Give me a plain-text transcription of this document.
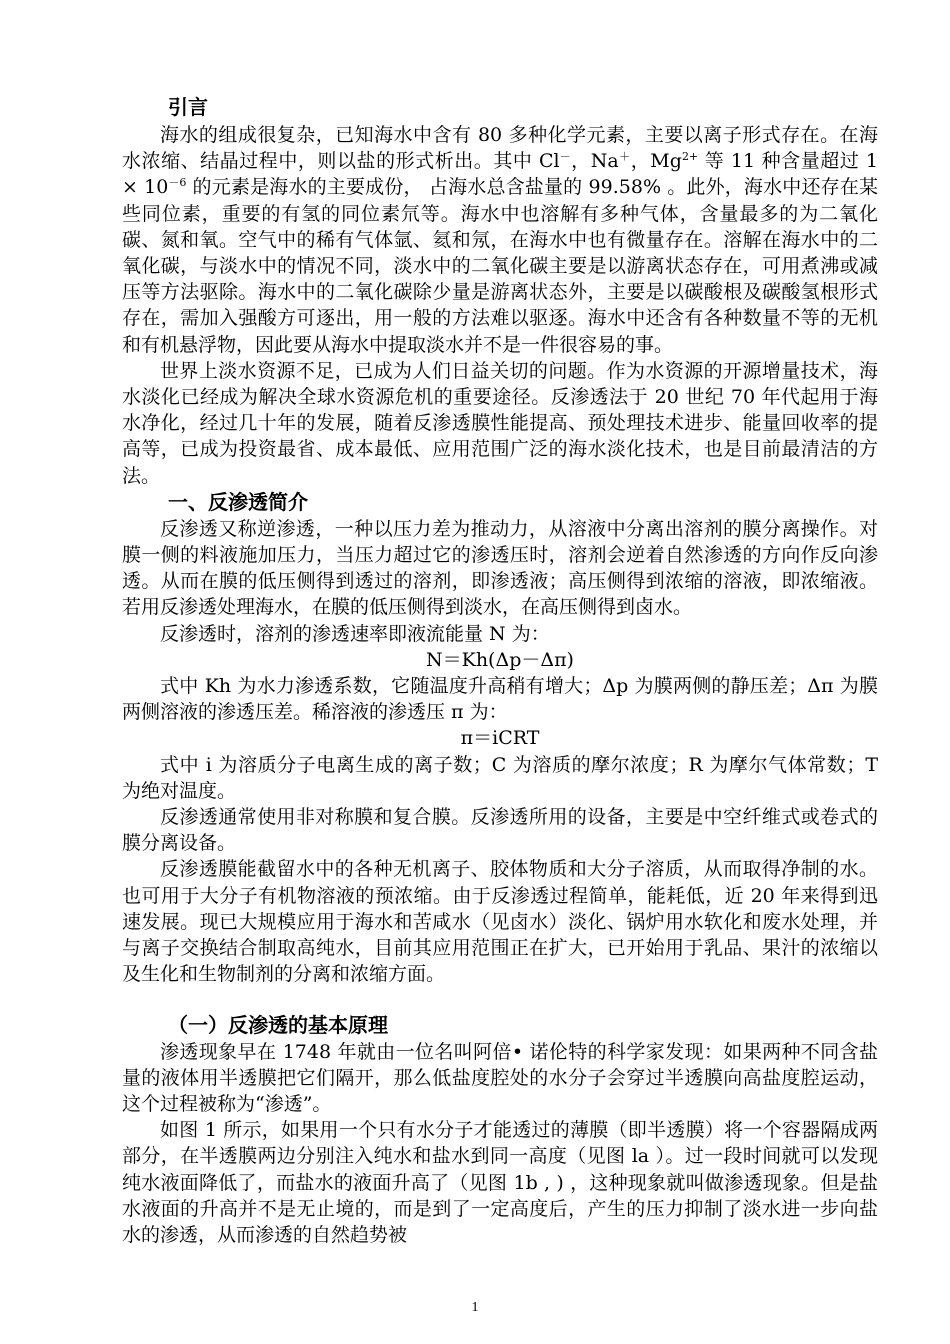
引言

海水的组成很复杂，已知海水中含有 80 多种化学元素，主要以离子形式存在。在海水浓缩、结晶过程中，则以盐的形式析出。其中 Cl－，Na＋，$Mg^{2+}$ 等 11 种含量超过 $1 \times 10^{-6}$ 的元素是海水的主要成份， 占海水总含盐量的 99.58% 。此外，海水中还存在某些同位素，重要的有氢的同位素氘等。海水中也溶解有多种气体，含量最多的为二氧化碳、氮和氧。空气中的稀有气体氩、氦和氖，在海水中也有微量存在。溶解在海水中的二氧化碳，与淡水中的情况不同，淡水中的二氧化碳主要是以游离状态存在，可用煮沸或减压等方法驱除。海水中的二氧化碳除少量是游离状态外，主要是以碳酸根及碳酸氢根形式存在，需加入强酸方可逐出，用一般的方法难以驱逐。海水中还含有各种数量不等的无机和有机悬浮物，因此要从海水中提取淡水并不是一件很容易的事。

世界上淡水资源不足，已成为人们日益关切的问题。作为水资源的开源增量技术，海水淡化已经成为解决全球水资源危机的重要途径。反渗透法于 20 世纪 70 年代起用于海水净化，经过几十年的发展，随着反渗透膜性能提高、预处理技术进步、能量回收率的提高等，已成为投资最省、成本最低、应用范围广泛的海水淡化技术，也是目前最清洁的方法。

一、反渗透简介

反渗透又称逆渗透，一种以压力差为推动力，从溶液中分离出溶剂的膜分离操作。对膜一侧的料液施加压力，当压力超过它的渗透压时，溶剂会逆着自然渗透的方向作反向渗透。从而在膜的低压侧得到透过的溶剂，即渗透液；高压侧得到浓缩的溶液，即浓缩液。若用反渗透处理海水，在膜的低压侧得到淡水，在高压侧得到卤水。

反渗透时，溶剂的渗透速率即液流能量 N 为：

N＝Kh(Δp－Δπ)

式中 Kh 为水力渗透系数，它随温度升高稍有增大；Δp 为膜两侧的静压差；Δπ 为膜两侧溶液的渗透压差。稀溶液的渗透压 π 为：

π＝iCRT

式中 i 为溶质分子电离生成的离子数；C 为溶质的摩尔浓度；R 为摩尔气体常数；T 为绝对温度。

反渗透通常使用非对称膜和复合膜。反渗透所用的设备，主要是中空纤维式或卷式的膜分离设备。

反渗透膜能截留水中的各种无机离子、胶体物质和大分子溶质，从而取得净制的水。也可用于大分子有机物溶液的预浓缩。由于反渗透过程简单，能耗低，近 20 年来得到迅速发展。现已大规模应用于海水和苦咸水（见卤水）淡化、锅炉用水软化和废水处理，并与离子交换结合制取高纯水，目前其应用范围正在扩大，已开始用于乳品、果汁的浓缩以及生化和生物制剂的分离和浓缩方面。

（一）反渗透的基本原理

渗透现象早在 1748 年就由一位名叫阿倍• 诺伦特的科学家发现：如果两种不同含盐量的液体用半透膜把它们隔开，那么低盐度腔处的水分子会穿过半透膜向高盐度腔运动，这个过程被称为“渗透”。

如图 1 所示，如果用一个只有水分子才能透过的薄膜（即半透膜）将一个容器隔成两部分，在半透膜两边分别注入纯水和盐水到同一高度（见图 la ）。过一段时间就可以发现纯水液面降低了，而盐水的液面升高了（见图 1b , ) ，这种现象就叫做渗透现象。但是盐水液面的升高并不是无止境的，而是到了一定高度后，产生的压力抑制了淡水进一步向盐水的渗透，从而渗透的自然趋势被

1
